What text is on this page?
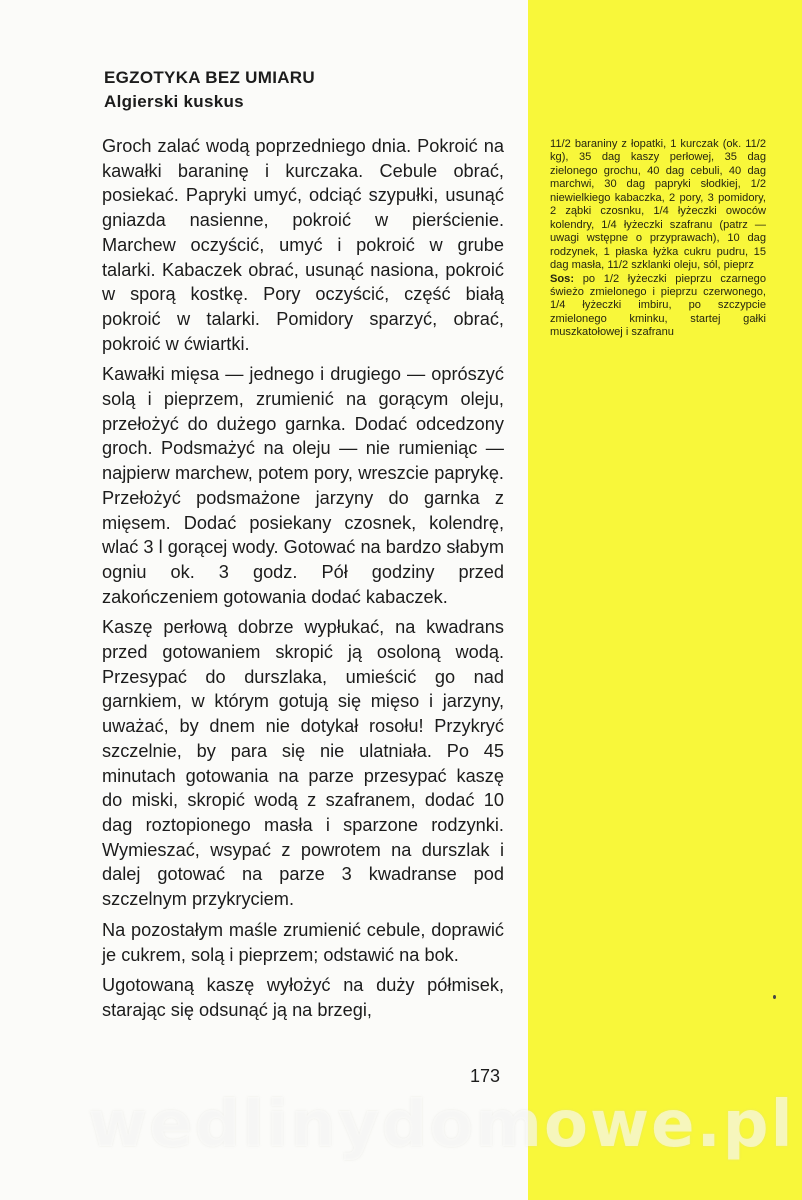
EGZOTYKA BEZ UMIARU
Algierski kuskus

Groch zalać wodą poprzedniego dnia. Pokroić na kawałki baraninę i kurczaka. Cebule obrać, posiekać. Papryki umyć, odciąć szypułki, usunąć gniazda nasienne, pokroić w pierścienie. Marchew oczyścić, umyć i pokroić w grube talarki. Kabaczek obrać, usunąć nasiona, pokroić w sporą kostkę. Pory oczyścić, część białą pokroić w talarki. Pomidory sparzyć, obrać, pokroić w ćwiartki.

Kawałki mięsa — jednego i drugiego — oprószyć solą i pieprzem, zrumienić na gorącym oleju, przełożyć do dużego garnka. Dodać odcedzony groch. Podsmażyć na oleju — nie rumieniąc — najpierw marchew, potem pory, wreszcie paprykę. Przełożyć podsmażone jarzyny do garnka z mięsem. Dodać posiekany czosnek, kolendrę, wlać 3 l gorącej wody. Gotować na bardzo słabym ogniu ok. 3 godz. Pół godziny przed zakończeniem gotowania dodać kabaczek.

Kaszę perłową dobrze wypłukać, na kwadrans przed gotowaniem skropić ją osoloną wodą. Przesypać do durszlaka, umieścić go nad garnkiem, w którym gotują się mięso i jarzyny, uważać, by dnem nie dotykał rosołu! Przykryć szczelnie, by para się nie ulatniała. Po 45 minutach gotowania na parze przesypać kaszę do miski, skropić wodą z szafranem, dodać 10 dag roztopionego masła i sparzone rodzynki. Wymieszać, wsypać z powrotem na durszlak i dalej gotować na parze 3 kwadranse pod szczelnym przykryciem.

Na pozostałym maśle zrumienić cebule, doprawić je cukrem, solą i pieprzem; odstawić na bok.

Ugotowaną kaszę wyłożyć na duży półmisek, starając się odsunąć ją na brzegi,

11/2 baraniny z łopatki, 1 kurczak (ok. 11/2 kg), 35 dag kaszy perłowej, 35 dag zielonego grochu, 40 dag cebuli, 40 dag marchwi, 30 dag papryki słodkiej, 1/2 niewielkiego kabaczka, 2 pory, 3 pomidory, 2 ząbki czosnku, 1/4 łyżeczki owoców kolendry, 1/4 łyżeczki szafranu (patrz — uwagi wstępne o przyprawach), 10 dag rodzynek, 1 płaska łyżka cukru pudru, 15 dag masła, 11/2 szklanki oleju, sól, pieprz

Sos: po 1/2 łyżeczki pieprzu czarnego świeżo zmielonego i pieprzu czerwonego, 1/4 łyżeczki imbiru, po szczypcie zmielonego kminku, startej gałki muszkatołowej i szafranu

173
wedlinydomowe.pl
